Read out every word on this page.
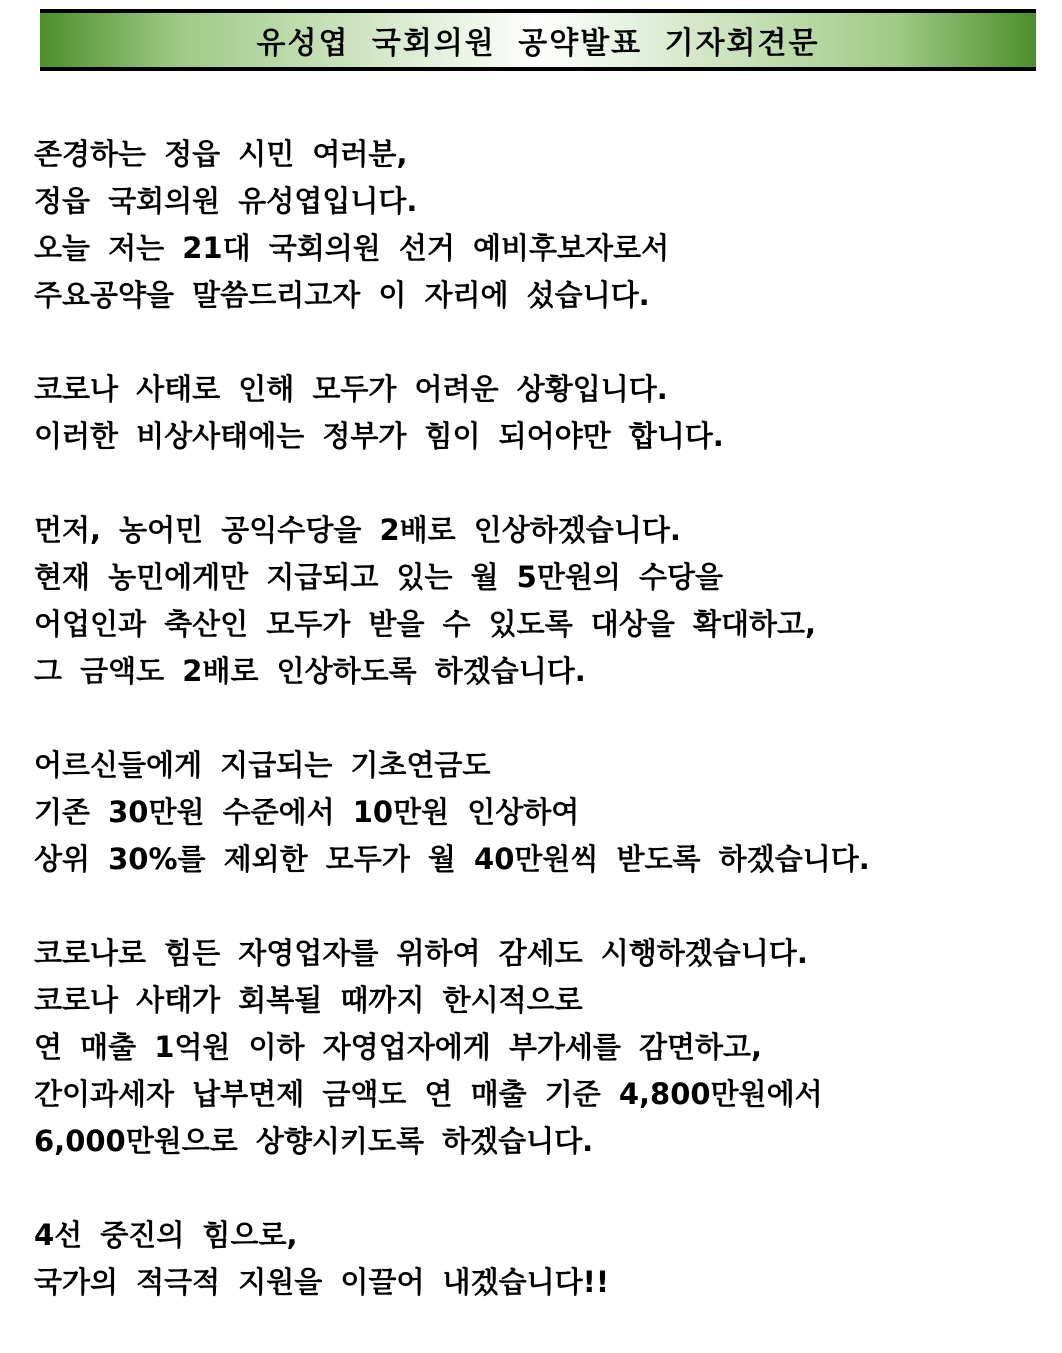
유성엽 국회의원 공약발표 기자회견문
존경하는 정읍 시민 여러분,
정읍 국회의원 유성엽입니다.
오늘 저는 21대 국회의원 선거 예비후보자로서
주요공약을 말씀드리고자 이 자리에 섰습니다.
코로나 사태로 인해 모두가 어려운 상황입니다.
이러한 비상사태에는 정부가 힘이 되어야만 합니다.
먼저, 농어민 공익수당을 2배로 인상하겠습니다.
현재 농민에게만 지급되고 있는 월 5만원의 수당을
어업인과 축산인 모두가 받을 수 있도록 대상을 확대하고,
그 금액도 2배로 인상하도록 하겠습니다.
어르신들에게 지급되는 기초연금도
기존 30만원 수준에서 10만원 인상하여
상위 30%를 제외한 모두가 월 40만원씩 받도록 하겠습니다.
코로나로 힘든 자영업자를 위하여 감세도 시행하겠습니다.
코로나 사태가 회복될 때까지 한시적으로
연 매출 1억원 이하 자영업자에게 부가세를 감면하고,
간이과세자 납부면제 금액도 연 매출 기준 4,800만원에서
6,000만원으로 상향시키도록 하겠습니다.
4선 중진의 힘으로,
국가의 적극적 지원을 이끌어 내겠습니다!!
